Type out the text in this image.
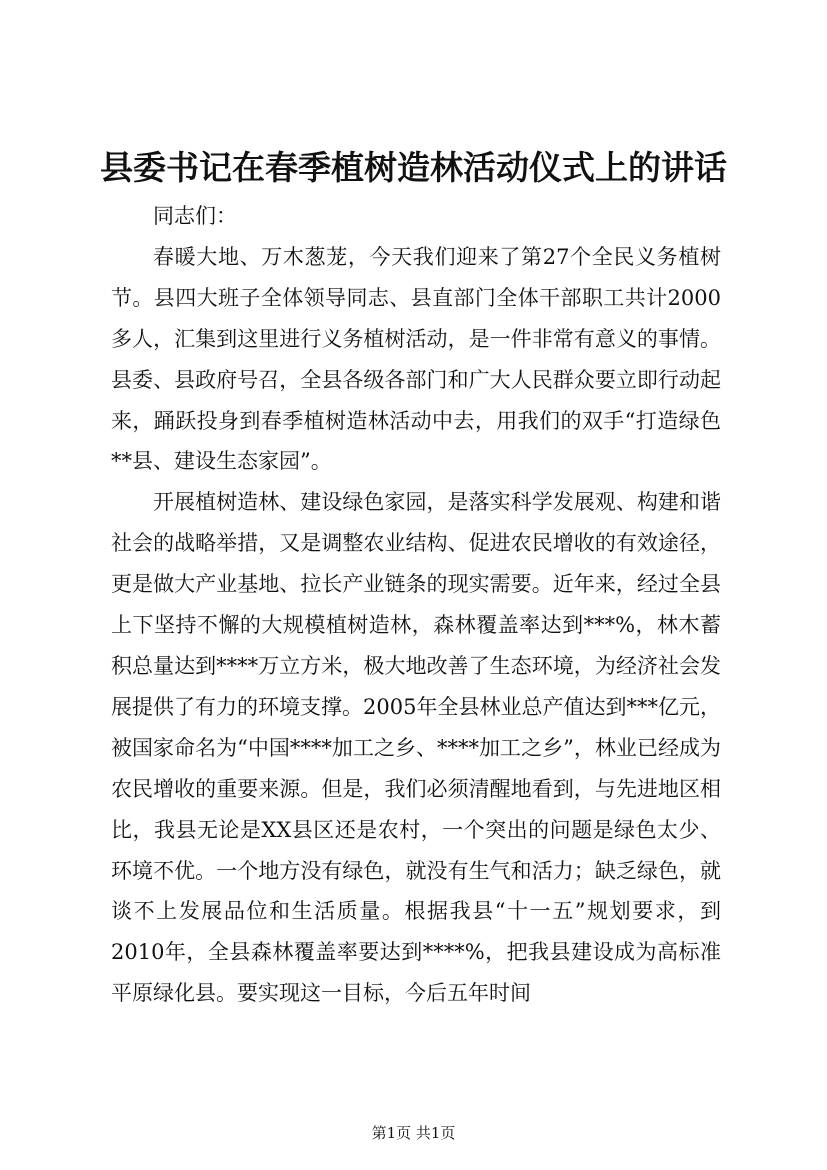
县委书记在春季植树造林活动仪式上的讲话

同志们：

春暖大地、万木葱茏，今天我们迎来了第27个全民义务植树节。县四大班子全体领导同志、县直部门全体干部职工共计2000多人，汇集到这里进行义务植树活动，是一件非常有意义的事情。县委、县政府号召，全县各级各部门和广大人民群众要立即行动起来，踊跃投身到春季植树造林活动中去，用我们的双手“打造绿色**县、建设生态家园”。

开展植树造林、建设绿色家园，是落实科学发展观、构建和谐社会的战略举措，又是调整农业结构、促进农民增收的有效途径，更是做大产业基地、拉长产业链条的现实需要。近年来，经过全县上下坚持不懈的大规模植树造林，森林覆盖率达到***%，林木蓄积总量达到****万立方米，极大地改善了生态环境，为经济社会发展提供了有力的环境支撑。2005年全县林业总产值达到***亿元，被国家命名为“中国****加工之乡、****加工之乡”，林业已经成为农民增收的重要来源。但是，我们必须清醒地看到，与先进地区相比，我县无论是XX县区还是农村，一个突出的问题是绿色太少、环境不优。一个地方没有绿色，就没有生气和活力；缺乏绿色，就谈不上发展品位和生活质量。根据我县“十一五”规划要求，到2010年，全县森林覆盖率要达到****%，把我县建设成为高标准平原绿化县。要实现这一目标，今后五年时间

第1页 共1页
